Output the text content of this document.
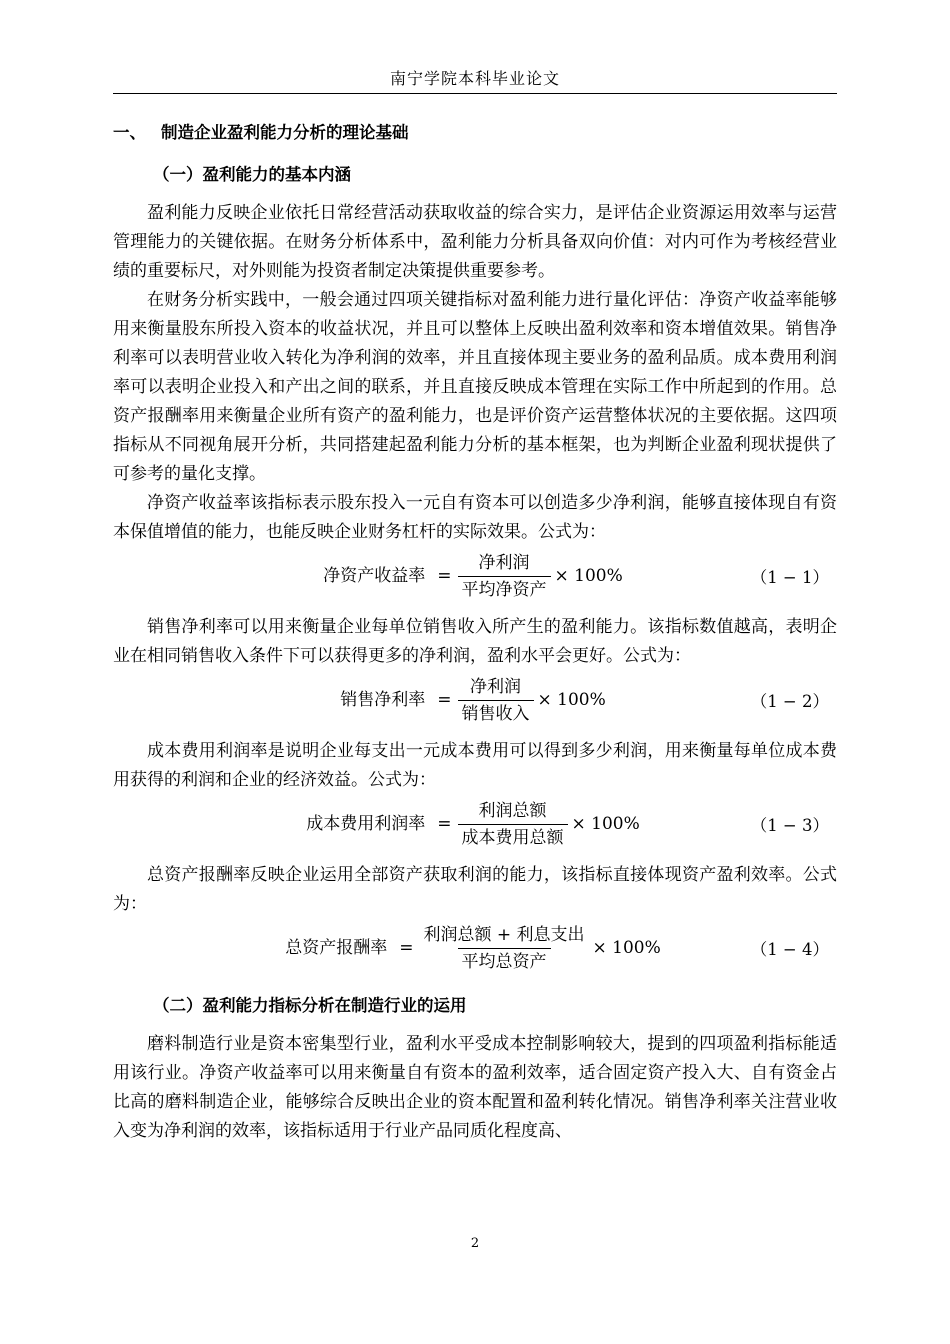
南宁学院本科毕业论文
一、 制造企业盈利能力分析的理论基础
（一）盈利能力的基本内涵

盈利能力反映企业依托日常经营活动获取收益的综合实力，是评估企业资源运用效率与运营管理能力的关键依据。在财务分析体系中，盈利能力分析具备双向价值：对内可作为考核经营业绩的重要标尺，对外则能为投资者制定决策提供重要参考。

在财务分析实践中，一般会通过四项关键指标对盈利能力进行量化评估：净资产收益率能够用来衡量股东所投入资本的收益状况，并且可以整体上反映出盈利效率和资本增值效果。销售净利率可以表明营业收入转化为净利润的效率，并且直接体现主要业务的盈利品质。成本费用利润率可以表明企业投入和产出之间的联系，并且直接反映成本管理在实际工作中所起到的作用。总资产报酬率用来衡量企业所有资产的盈利能力，也是评价资产运营整体状况的主要依据。这四项指标从不同视角展开分析，共同搭建起盈利能力分析的基本框架，也为判断企业盈利现状提供了可参考的量化支撑。

净资产收益率该指标表示股东投入一元自有资本可以创造多少净利润，能够直接体现自有资本保值增值的能力，也能反映企业财务杠杆的实际效果。公式为：

净资产收益率 = $\frac{\text{净利润}}{\text{平均净资产}} \times 100\%$	（1 − 1）

销售净利率可以用来衡量企业每单位销售收入所产生的盈利能力。该指标数值越高，表明企业在相同销售收入条件下可以获得更多的净利润，盈利水平会更好。公式为：

销售净利率 = $\frac{\text{净利润}}{\text{销售收入}} \times 100\%$	（1 − 2）

成本费用利润率是说明企业每支出一元成本费用可以得到多少利润，用来衡量每单位成本费用获得的利润和企业的经济效益。公式为：

成本费用利润率 = $\frac{\text{利润总额}}{\text{成本费用总额}} \times 100\%$	（1 − 3）

总资产报酬率反映企业运用全部资产获取利润的能力，该指标直接体现资产盈利效率。公式为：

总资产报酬率 = $\frac{\text{利润总额 + 利息支出}}{\text{平均总资产}} \times 100\%$	（1 − 4）
（二）盈利能力指标分析在制造行业的运用

磨料制造行业是资本密集型行业，盈利水平受成本控制影响较大，提到的四项盈利指标能适用该行业。净资产收益率可以用来衡量自有资本的盈利效率，适合固定资产投入大、自有资金占比高的磨料制造企业，能够综合反映出企业的资本配置和盈利转化情况。销售净利率关注营业收入变为净利润的效率，该指标适用于行业产品同质化程度高、

2
